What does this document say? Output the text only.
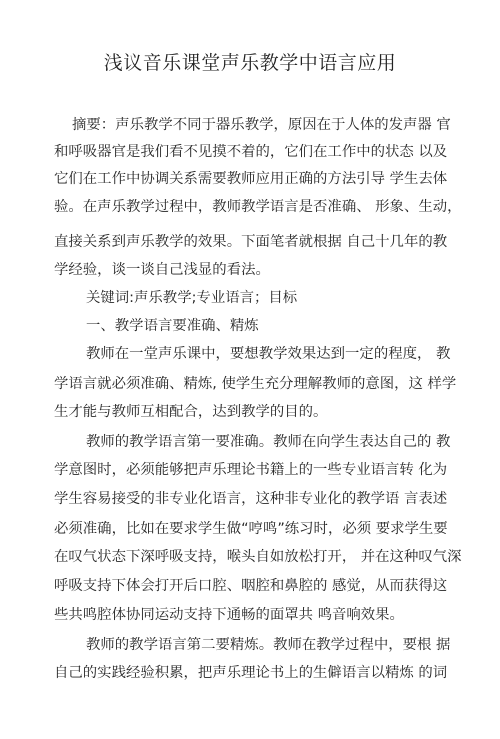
浅议音乐课堂声乐教学中语言应用
摘要：声乐教学不同于器乐教学，原因在于人体的发声器 官
和呼吸器官是我们看不见摸不着的，它们在工作中的状态 以及
它们在工作中协调关系需要教师应用正确的方法引导 学生去体
验。在声乐教学过程中，教师教学语言是否准确、 形象、生动，
直接关系到声乐教学的效果。下面笔者就根据 自己十几年的教
学经验，谈一谈自己浅显的看法。
关键词:声乐教学;专业语言；目标
一、教学语言要准确、精炼
教师在一堂声乐课中，要想教学效果达到一定的程度， 教
学语言就必须准确、精炼, 使学生充分理解教师的意图，这 样学
生才能与教师互相配合，达到教学的目的。
教师的教学语言第一要准确。教师在向学生表达自己的 教
学意图时，必须能够把声乐理论书籍上的一些专业语言转 化为
学生容易接受的非专业化语言，这种非专业化的教学语 言表述
必须准确，比如在要求学生做“哼鸣”练习时，必须 要求学生要
在叹气状态下深呼吸支持，喉头自如放松打开， 并在这种叹气深
呼吸支持下体会打开后口腔、咽腔和鼻腔的 感觉，从而获得这
些共鸣腔体协同运动支持下通畅的面罩共 鸣音响效果。
教师的教学语言第二要精炼。教师在教学过程中，要根 据
自己的实践经验积累，把声乐理论书上的生僻语言以精炼 的词
